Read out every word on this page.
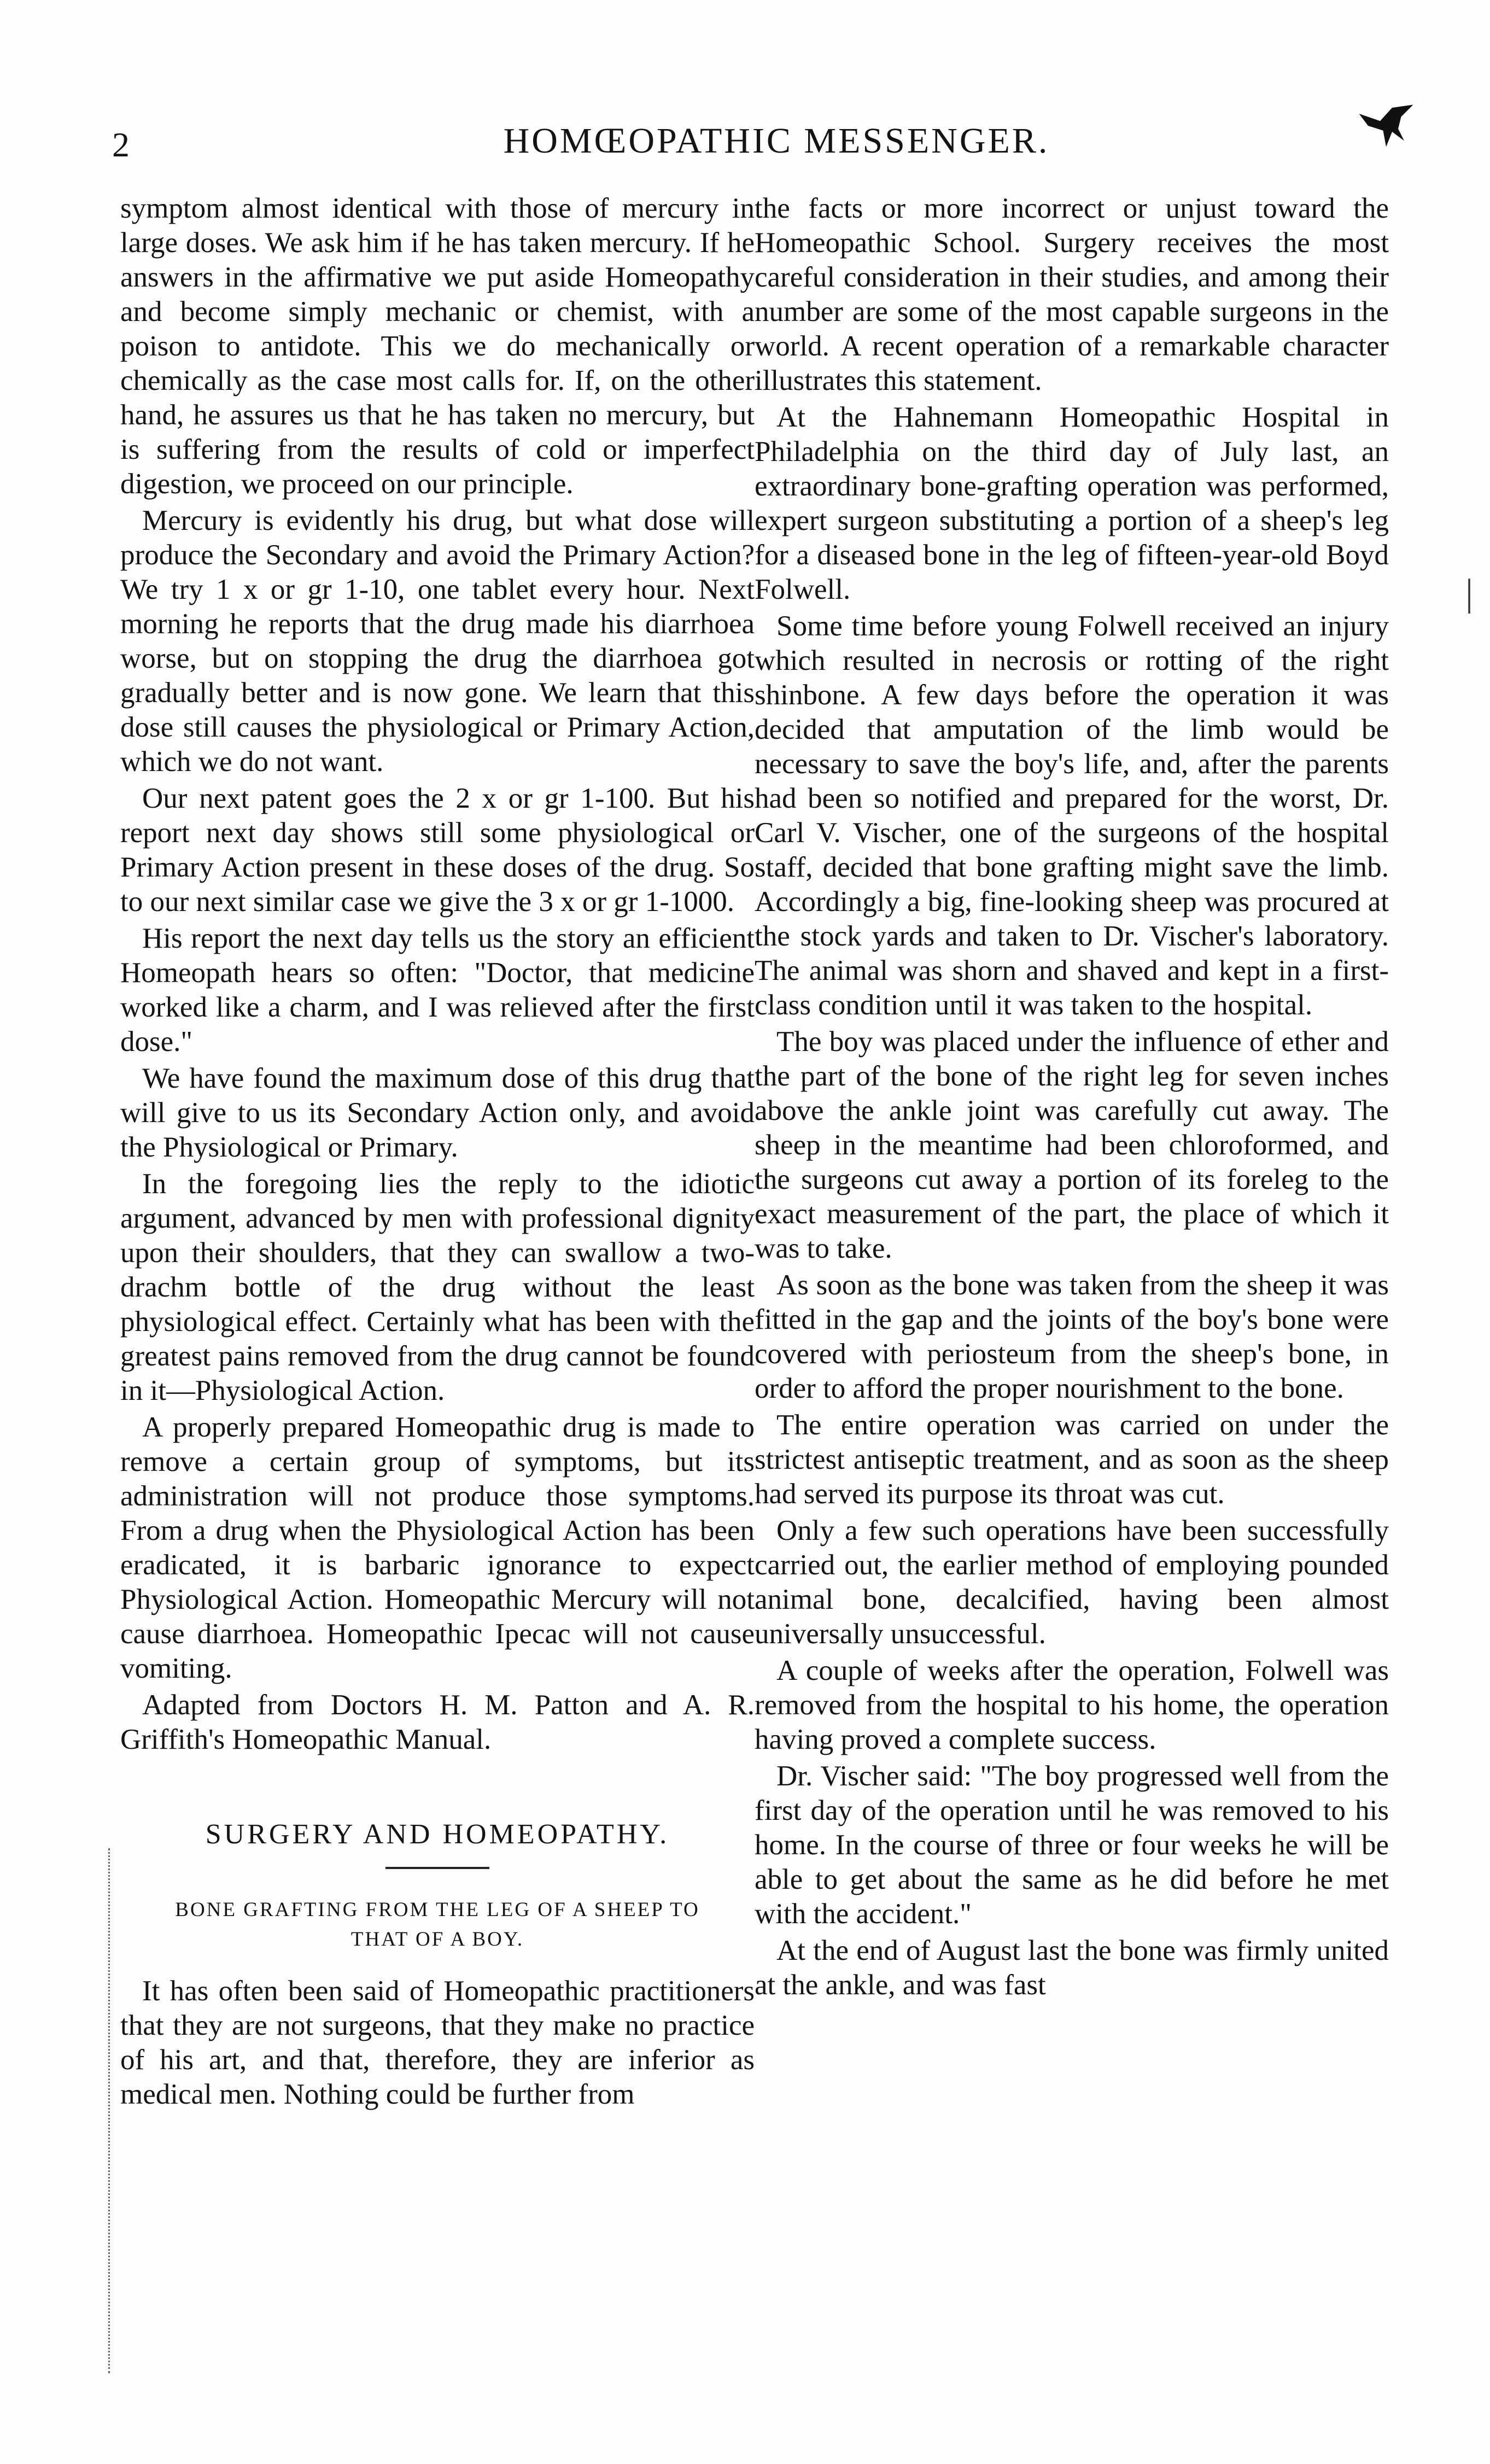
2	HOMŒOPATHIC MESSENGER.

symptom almost identical with those of mercury in large doses. We ask him if he has taken mercury. If he answers in the affirmative we put aside Homeopathy and become simply mechanic or chemist, with a poison to antidote. This we do mechanically or chemically as the case most calls for. If, on the other hand, he assures us that he has taken no mercury, but is suffering from the results of cold or imperfect digestion, we proceed on our principle.

Mercury is evidently his drug, but what dose will produce the Secondary and avoid the Primary Action? We try 1 x or gr 1-10, one tablet every hour. Next morning he reports that the drug made his diarrhoea worse, but on stopping the drug the diarrhoea got gradually better and is now gone. We learn that this dose still causes the physiological or Primary Action, which we do not want.

Our next patent goes the 2 x or gr 1-100. But his report next day shows still some physiological or Primary Action present in these doses of the drug. So to our next similar case we give the 3 x or gr 1-1000.

His report the next day tells us the story an efficient Homeopath hears so often: "Doctor, that medicine worked like a charm, and I was relieved after the first dose."

We have found the maximum dose of this drug that will give to us its Secondary Action only, and avoid the Physiological or Primary.

In the foregoing lies the reply to the idiotic argument, advanced by men with professional dignity upon their shoulders, that they can swallow a two-drachm bottle of the drug without the least physiological effect. Certainly what has been with the greatest pains removed from the drug cannot be found in it—Physiological Action.

A properly prepared Homeopathic drug is made to remove a certain group of symptoms, but its administration will not produce those symptoms. From a drug when the Physiological Action has been eradicated, it is barbaric ignorance to expect Physiological Action. Homeopathic Mercury will not cause diarrhoea. Homeopathic Ipecac will not cause vomiting.

Adapted from Doctors H. M. Patton and A. R. Griffith's Homeopathic Manual.

SURGERY AND HOMEOPATHY.
BONE GRAFTING FROM THE LEG OF A SHEEP TO THAT OF A BOY.

It has often been said of Homeopathic practitioners that they are not surgeons, that they make no practice of his art, and that, therefore, they are inferior as medical men. Nothing could be further from

the facts or more incorrect or unjust toward the Homeopathic School. Surgery receives the most careful consideration in their studies, and among their number are some of the most capable surgeons in the world. A recent operation of a remarkable character illustrates this statement.

At the Hahnemann Homeopathic Hospital in Philadelphia on the third day of July last, an extraordinary bone-grafting operation was performed, expert surgeon substituting a portion of a sheep's leg for a diseased bone in the leg of fifteen-year-old Boyd Folwell.

Some time before young Folwell received an injury which resulted in necrosis or rotting of the right shinbone. A few days before the operation it was decided that amputation of the limb would be necessary to save the boy's life, and, after the parents had been so notified and prepared for the worst, Dr. Carl V. Vischer, one of the surgeons of the hospital staff, decided that bone grafting might save the limb. Accordingly a big, fine-looking sheep was procured at the stock yards and taken to Dr. Vischer's laboratory. The animal was shorn and shaved and kept in a first-class condition until it was taken to the hospital.

The boy was placed under the influence of ether and the part of the bone of the right leg for seven inches above the ankle joint was carefully cut away. The sheep in the meantime had been chloroformed, and the surgeons cut away a portion of its foreleg to the exact measurement of the part, the place of which it was to take.

As soon as the bone was taken from the sheep it was fitted in the gap and the joints of the boy's bone were covered with periosteum from the sheep's bone, in order to afford the proper nourishment to the bone.

The entire operation was carried on under the strictest antiseptic treatment, and as soon as the sheep had served its purpose its throat was cut.

Only a few such operations have been successfully carried out, the earlier method of employing pounded animal bone, decalcified, having been almost universally unsuccessful.

A couple of weeks after the operation, Folwell was removed from the hospital to his home, the operation having proved a complete success.

Dr. Vischer said: "The boy progressed well from the first day of the operation until he was removed to his home. In the course of three or four weeks he will be able to get about the same as he did before he met with the accident."

At the end of August last the bone was firmly united at the ankle, and was fast

|
